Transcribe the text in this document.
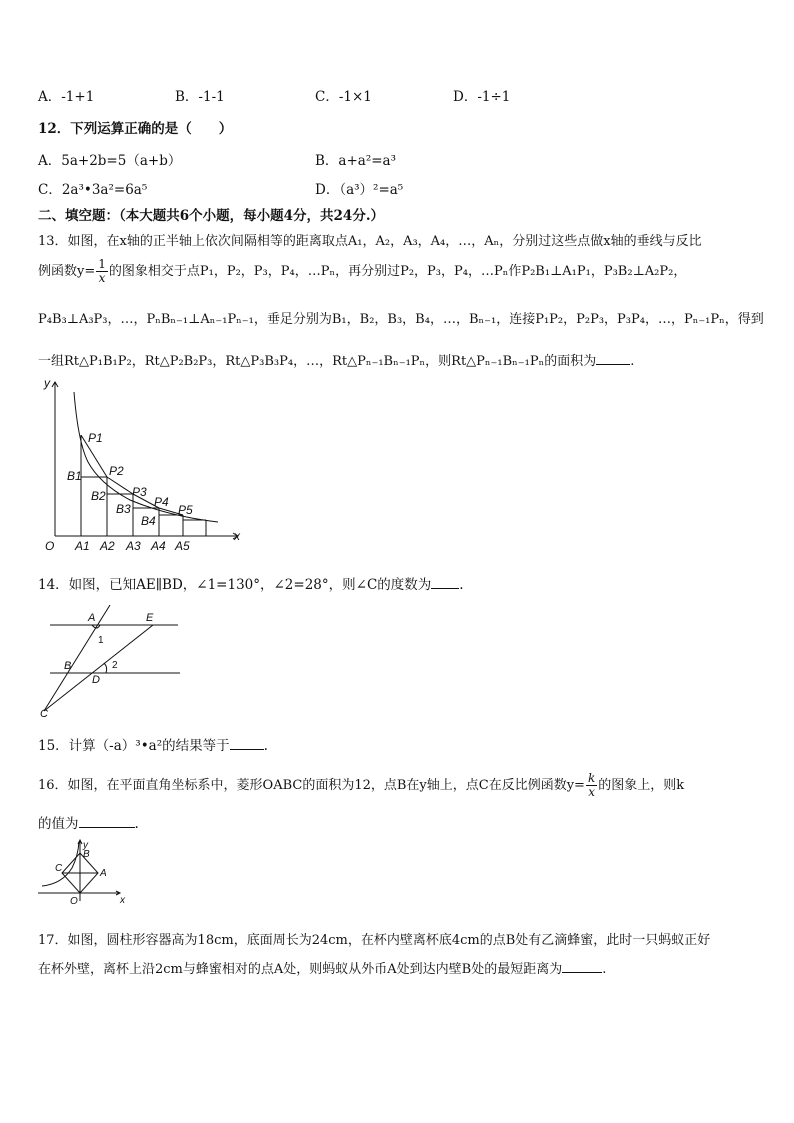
A．-1+1	B．-1-1	C．-1×1	D．-1÷1
12．下列运算正确的是（　　）
A．5a+2b=5（a+b）	B．a+a²=a³
C．2a³•3a²=6a⁵	D．（a³）²=a⁵
二、填空题：（本大题共6个小题，每小题4分，共24分.）
13．如图，在x轴的正半轴上依次间隔相等的距离取点A₁，A₂，A₃，A₄，…，Aₙ，分别过这些点做x轴的垂线与反比
例函数$y= \frac{1}{x}$ 的图象相交于点P₁，P₂，P₃，P₄，…Pₙ，再分别过P₂，P₃，P₄，…Pₙ作P₂B₁⊥A₁P₁，P₃B₂⊥A₂P₂，
P₄B₃⊥A₃P₃，…，PₙBₙ₋₁⊥Aₙ₋₁Pₙ₋₁，垂足分别为B₁，B₂，B₃，B₄，…，Bₙ₋₁，连接P₁P₂，P₂P₃，P₃P₄，…，Pₙ₋₁Pₙ，得到
一组Rt△P₁B₁P₂，Rt△P₂B₂P₃，Rt△P₃B₃P₄，…，Rt△Pₙ₋₁Bₙ₋₁Pₙ，则Rt△Pₙ₋₁Bₙ₋₁Pₙ的面积为	.
y
x
O
P1
P2
P3
P4
P5
B1
B2
B3
B4
A1 A2 A3 A4 A5
14．如图，已知AE∥BD，∠1=130°，∠2=28°，则∠C的度数为 .
A	E
B
D
C
1
2
15．计算（-a）³•a²的结果等于	.
16．如图，在平面直角坐标系中，菱形OABC的面积为12，点B在y轴上，点C在反比例函数$y= \frac{k}{x}$ 的图象上，则k
的值为	.
y
x
O
A
B
C
17．如图，圆柱形容器高为18cm，底面周长为24cm，在杯内壁离杯底4cm的点B处有乙滴蜂蜜，此时一只蚂蚁正好
在杯外壁，离杯上沿2cm与蜂蜜相对的点A处，则蚂蚁从外币A处到达内壁B处的最短距离为	.
